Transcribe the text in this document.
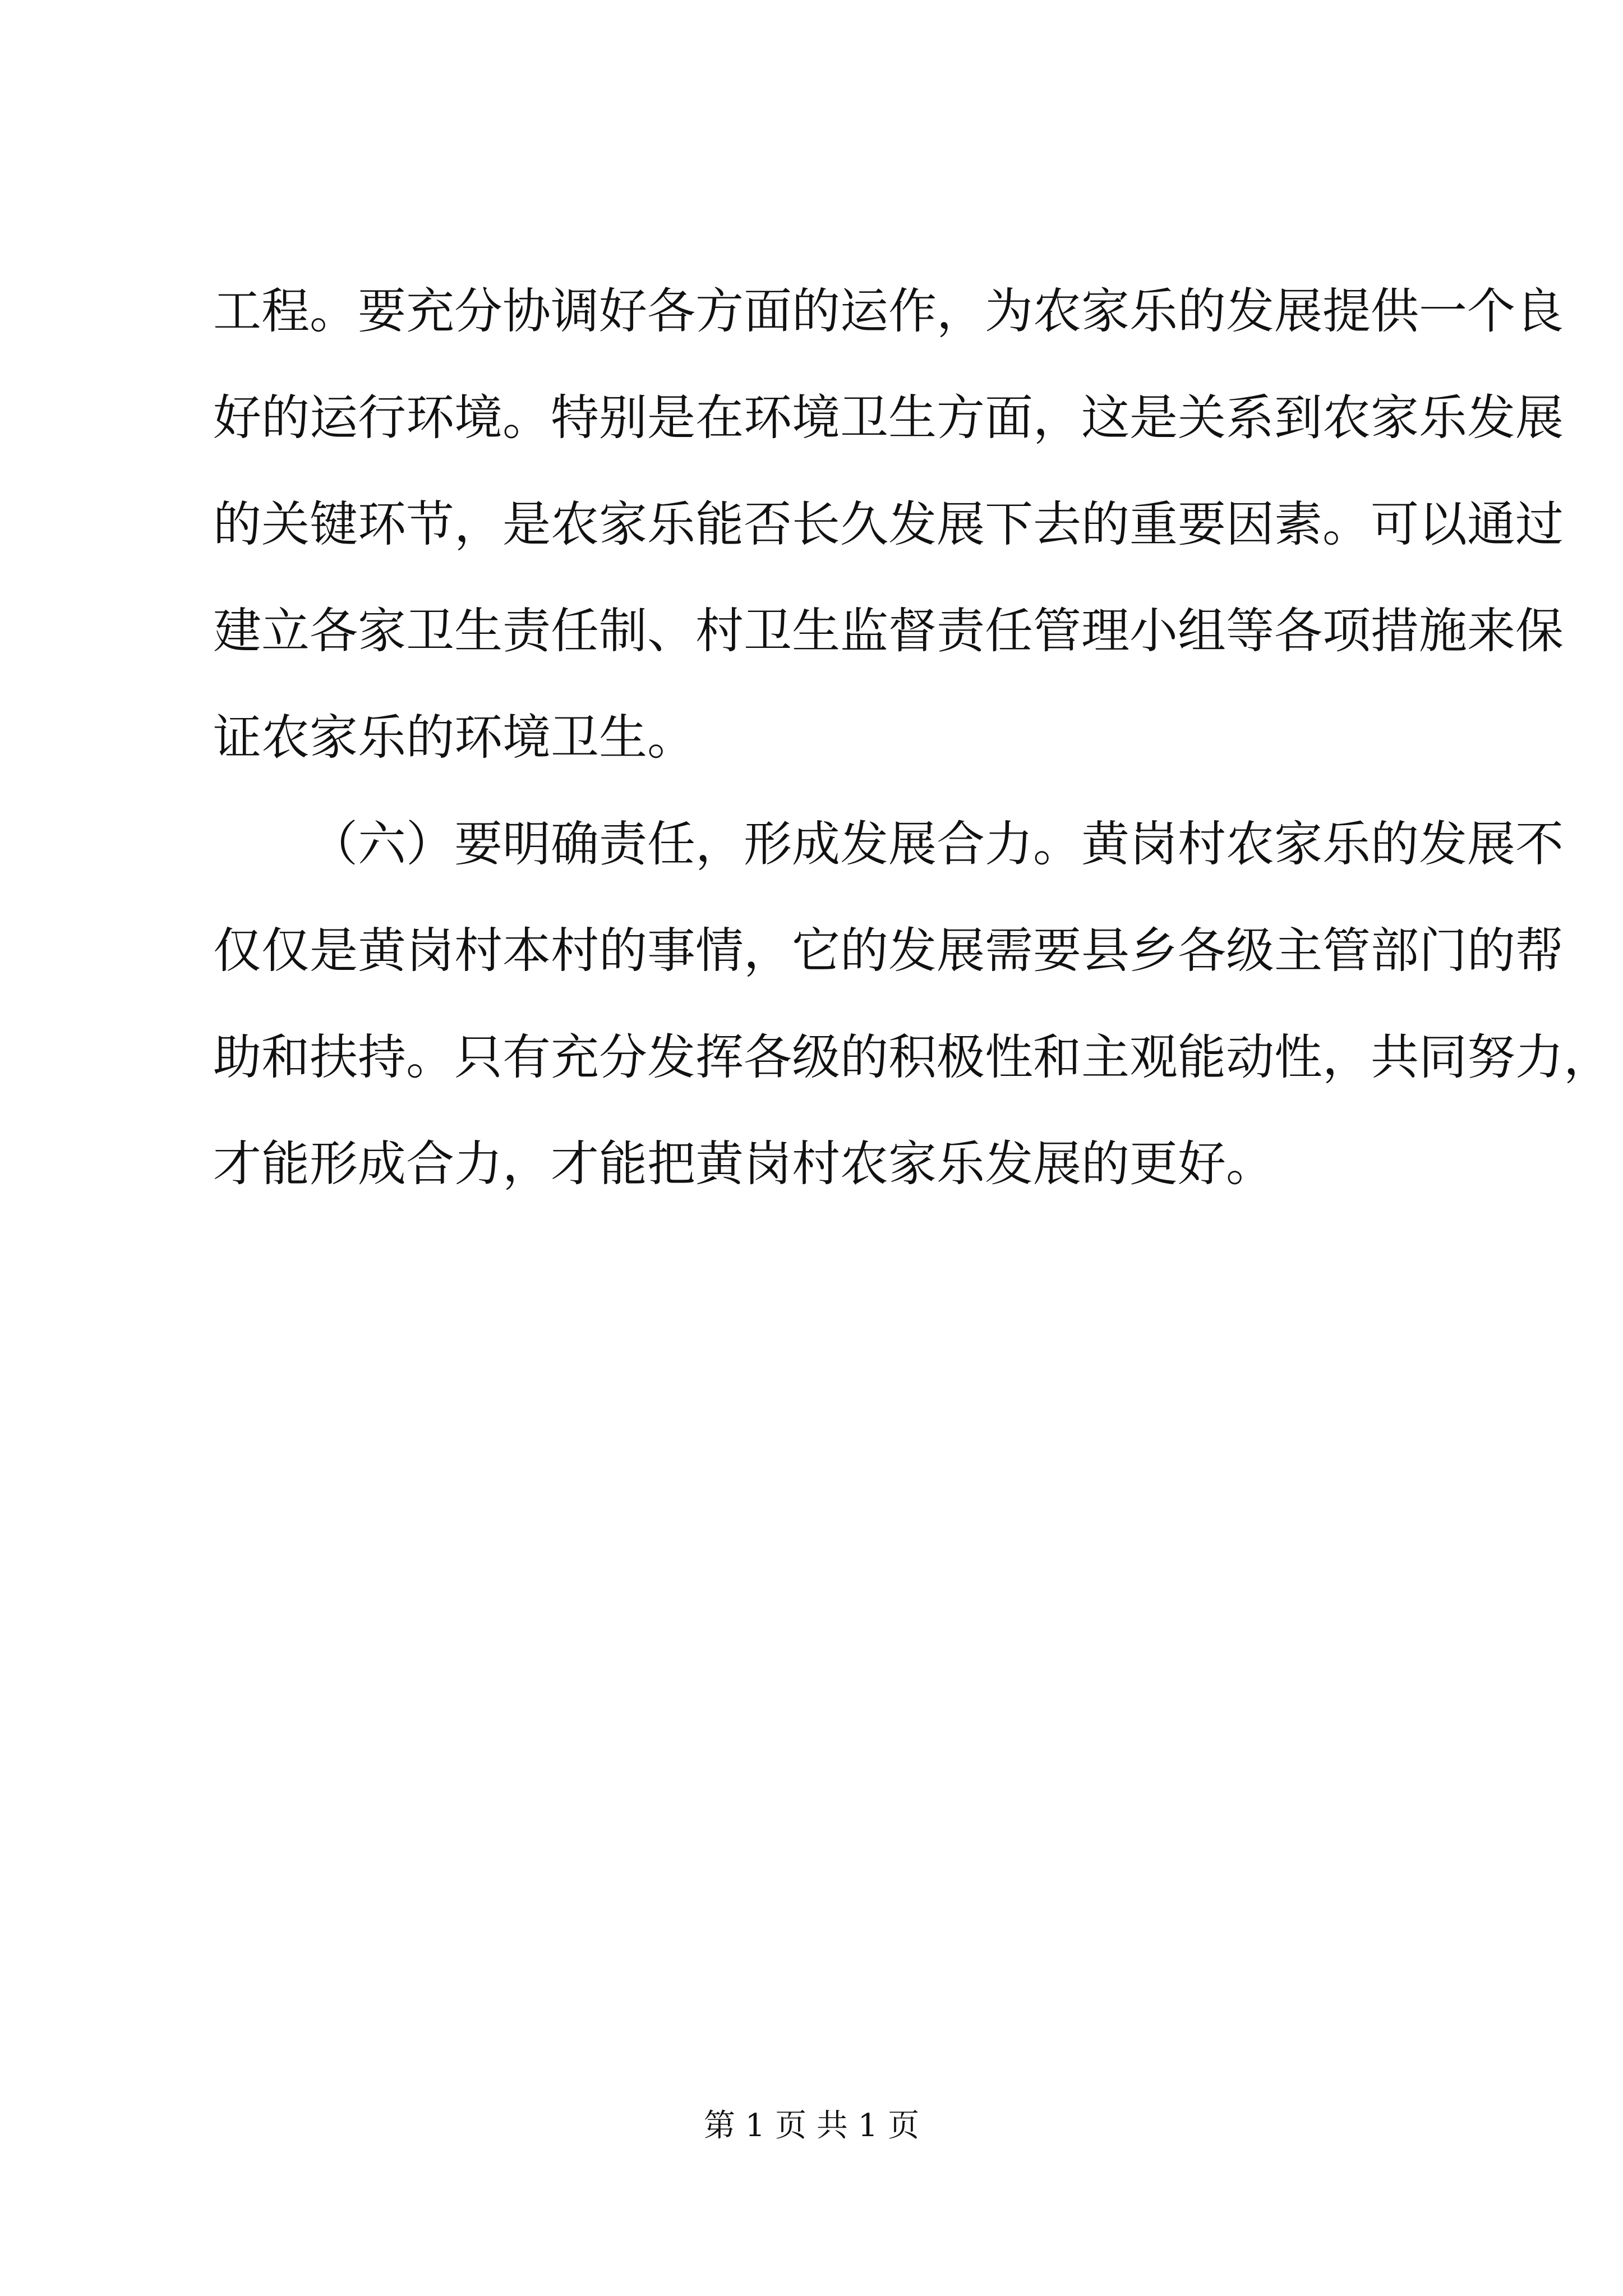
工程。要充分协调好各方面的运作，为农家乐的发展提供一个良
好的运行环境。特别是在环境卫生方面，这是关系到农家乐发展
的关键环节，是农家乐能否长久发展下去的重要因素。可以通过
建立各家卫生责任制、村卫生监督责任管理小组等各项措施来保
证农家乐的环境卫生。
（六）要明确责任，形成发展合力。黄岗村农家乐的发展不
仅仅是黄岗村本村的事情，它的发展需要县乡各级主管部门的帮
助和扶持。只有充分发挥各级的积极性和主观能动性，共同努力，
才能形成合力，才能把黄岗村农家乐发展的更好。
第 1 页 共 1 页
